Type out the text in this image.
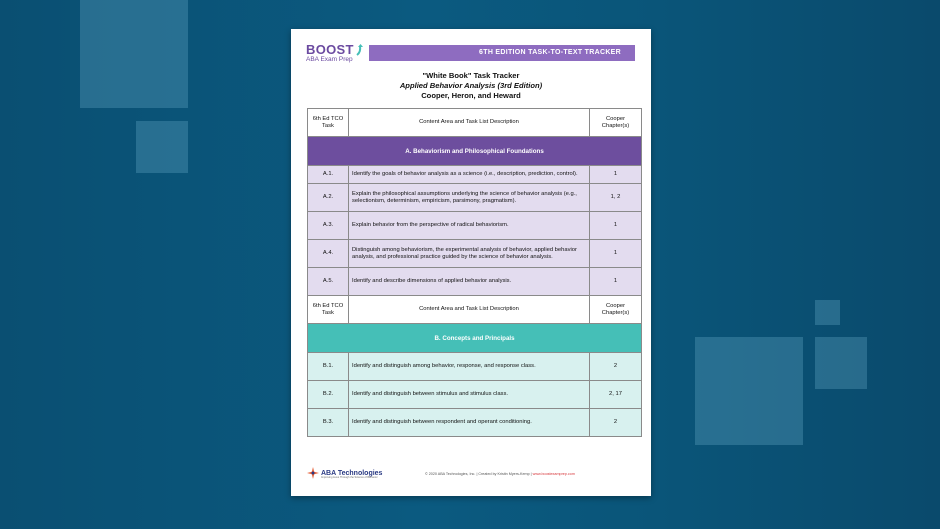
BOOST
ABA Exam Prep
6TH EDITION TASK-TO-TEXT TRACKER
"White Book" Task Tracker
Applied Behavior Analysis (3rd Edition)
Cooper, Heron, and Heward
6th Ed TCO Task	Content Area and Task List Description	Cooper Chapter(s)
A. Behaviorism and Philosophical Foundations		
A.1.	Identify the goals of behavior analysis as a science (i.e., description, prediction, control).	1
A.2.	Explain the philosophical assumptions underlying the science of behavior analysis (e.g., selectionism, determinism, empiricism, parsimony, pragmatism).	1, 2
A.3.	Explain behavior from the perspective of radical behaviorism.	1
A.4.	Distinguish among behaviorism, the experimental analysis of behavior, applied behavior analysis, and professional practice guided by the science of behavior analysis.	1
A.5.	Identify and describe dimensions of applied behavior analysis.	1
6th Ed TCO Task	Content Area and Task List Description	Cooper Chapter(s)
B. Concepts and Principals		
B.1.	Identify and distinguish among behavior, response, and response class.	2
B.2.	Identify and distinguish between stimulus and stimulus class.	2, 17
B.3.	Identify and distinguish between respondent and operant conditioning.	2
ABA Technologies
Improving Lives Through the Science of Behavior
© 2020 ABA Technologies, Inc. | Created by Kristin Myers-Kemp | www.boostexamprep.com
